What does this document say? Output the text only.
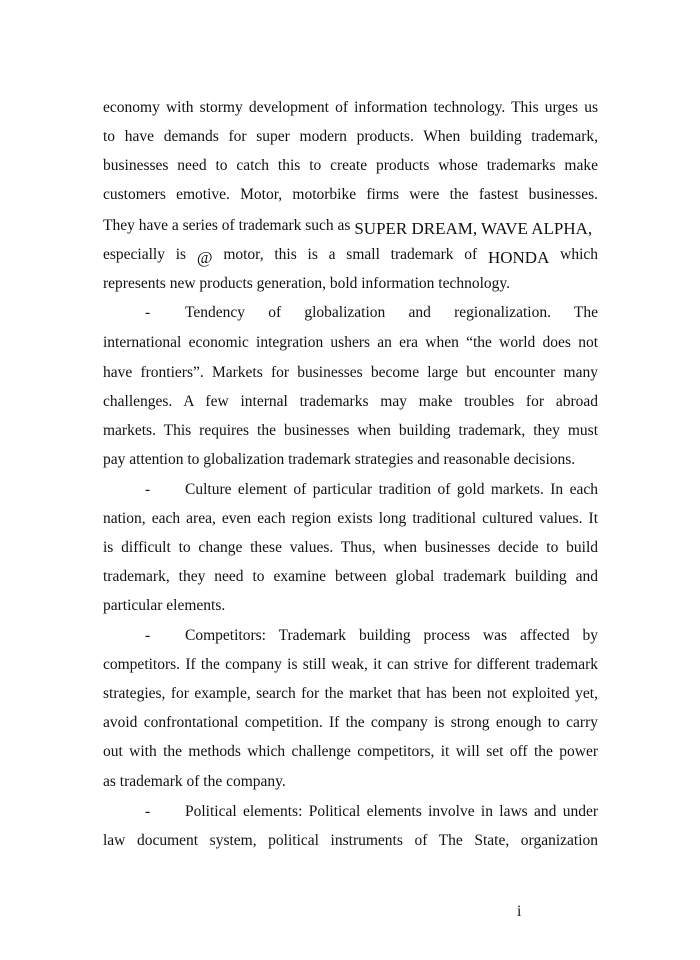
economy with stormy development of information technology. This urges us
to have demands for super modern products. When building trademark,
businesses need to catch this to create products whose trademarks make
customers emotive. Motor, motorbike firms were the fastest businesses.
They have a series of trademark such as SUPER DREAM, WAVE ALPHA,
especially is @ motor, this is a small trademark of HONDA which
represents new products generation, bold information technology.
- Tendency of globalization and regionalization. The
international economic integration ushers an era when “the world does not
have frontiers”. Markets for businesses become large but encounter many
challenges. A few internal trademarks may make troubles for abroad
markets. This requires the businesses when building trademark, they must
pay attention to globalization trademark strategies and reasonable decisions.
- Culture element of particular tradition of gold markets. In each
nation, each area, even each region exists long traditional cultured values. It
is difficult to change these values. Thus, when businesses decide to build
trademark, they need to examine between global trademark building and
particular elements.
- Competitors: Trademark building process was affected by
competitors. If the company is still weak, it can strive for different trademark
strategies, for example, search for the market that has been not exploited yet,
avoid confrontational competition. If the company is strong enough to carry
out with the methods which challenge competitors, it will set off the power
as trademark of the company.
- Political elements: Political elements involve in laws and under
law document system, political instruments of The State, organization
i
